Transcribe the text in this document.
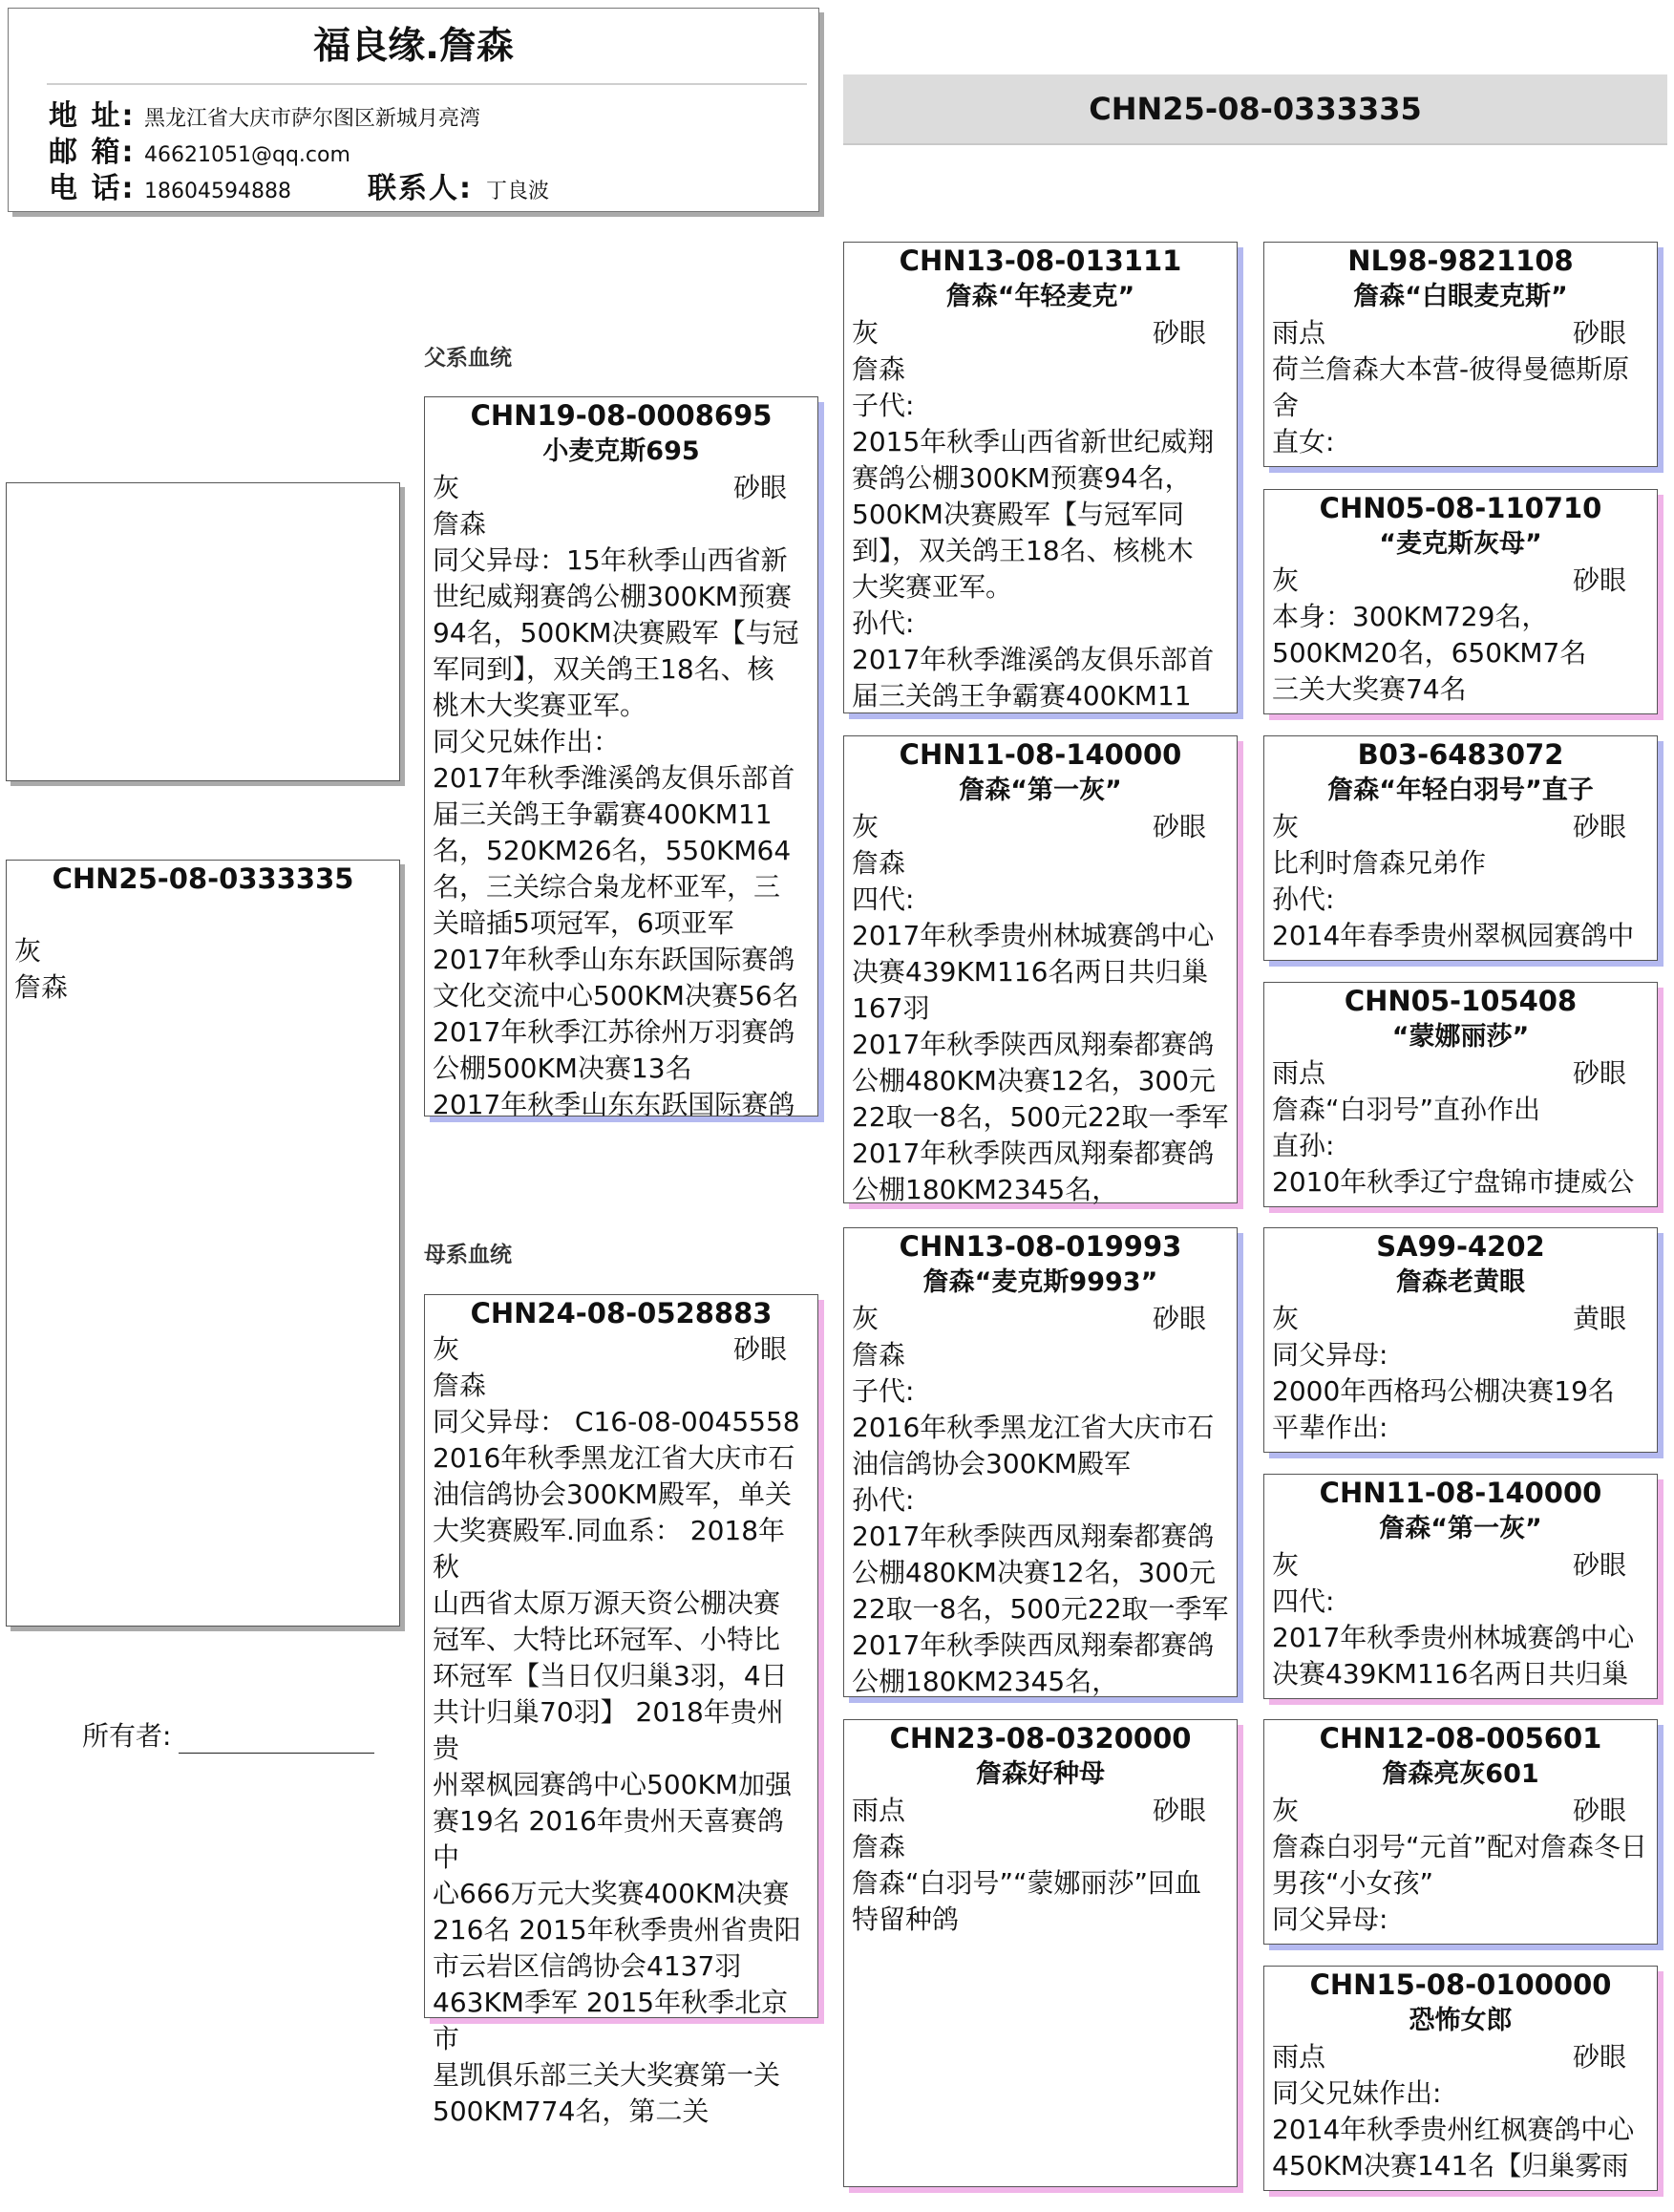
福良缘.詹森
地 址: 黑龙江省大庆市萨尔图区新城月亮湾
邮 箱: 46621051@qq.com
电 话: 18604594888	联系人: 丁良波
CHN25-08-0333335
CHN25-08-0333335
灰
詹森
所有者:
父系血统
母系血统
CHN19-08-0008695
小麦克斯695
灰	砂眼
詹森
同父异母：15年秋季山西省新
世纪威翔赛鸽公棚300KM预赛
94名，500KM决赛殿军【与冠
军同到】，双关鸽王18名、核
桃木大奖赛亚军。
同父兄妹作出：
2017年秋季潍溪鸽友俱乐部首
届三关鸽王争霸赛400KM11
名，520KM26名，550KM64
名，三关综合枭龙杯亚军，三
关暗插5项冠军，6项亚军
2017年秋季山东东跃国际赛鸽
文化交流中心500KM决赛56名
2017年秋季江苏徐州万羽赛鸽
公棚500KM决赛13名
2017年秋季山东东跃国际赛鸽
CHN24-08-0528883
灰	砂眼
詹森
同父异母： C16-08-0045558
2016年秋季黑龙江省大庆市石
油信鸽协会300KM殿军，单关
大奖赛殿军.同血系： 2018年秋
山西省太原万源天资公棚决赛
冠军、大特比环冠军、小特比
环冠军【当日仅归巢3羽，4日
共计归巢70羽】 2018年贵州贵
州翠枫园赛鸽中心500KM加强
赛19名 2016年贵州天喜赛鸽中
心666万元大奖赛400KM决赛
216名 2015年秋季贵州省贵阳
市云岩区信鸽协会4137羽
463KM季军 2015年秋季北京市
星凯俱乐部三关大奖赛第一关
500KM774名，第二关
CHN13-08-013111
詹森“年轻麦克”
灰	砂眼
詹森
子代:
2015年秋季山西省新世纪威翔
赛鸽公棚300KM预赛94名，
500KM决赛殿军【与冠军同
到】，双关鸽王18名、核桃木
大奖赛亚军。
孙代:
2017年秋季潍溪鸽友俱乐部首
届三关鸽王争霸赛400KM11
CHN11-08-140000
詹森“第一灰”
灰	砂眼
詹森
四代:
2017年秋季贵州林城赛鸽中心
决赛439KM116名两日共归巢
167羽
2017年秋季陕西凤翔秦都赛鸽
公棚480KM决赛12名，300元
22取一8名，500元22取一季军
2017年秋季陕西凤翔秦都赛鸽
公棚180KM2345名，
CHN13-08-019993
詹森“麦克斯9993”
灰	砂眼
詹森
子代:
2016年秋季黑龙江省大庆市石
油信鸽协会300KM殿军
孙代:
2017年秋季陕西凤翔秦都赛鸽
公棚480KM决赛12名，300元
22取一8名，500元22取一季军
2017年秋季陕西凤翔秦都赛鸽
公棚180KM2345名，
CHN23-08-0320000
詹森好种母
雨点	砂眼
詹森
詹森“白羽号”“蒙娜丽莎”回血
特留种鸽
NL98-9821108
詹森“白眼麦克斯”
雨点	砂眼
荷兰詹森大本营-彼得曼德斯原
舍
直女:
CHN05-08-110710
“麦克斯灰母”
灰	砂眼
本身：300KM729名，
500KM20名，650KM7名
三关大奖赛74名
B03-6483072
詹森“年轻白羽号”直子
灰	砂眼
比利时詹森兄弟作
孙代:
2014年春季贵州翠枫园赛鸽中
CHN05-105408
“蒙娜丽莎”
雨点	砂眼
詹森“白羽号”直孙作出
直孙:
2010年秋季辽宁盘锦市捷威公
SA99-4202
詹森老黄眼
灰	黄眼
同父异母:
2000年西格玛公棚决赛19名
平辈作出:
CHN11-08-140000
詹森“第一灰”
灰	砂眼
四代:
2017年秋季贵州林城赛鸽中心
决赛439KM116名两日共归巢
CHN12-08-005601
詹森亮灰601
灰	砂眼
詹森白羽号“元首”配对詹森冬日
男孩“小女孩”
同父异母:
CHN15-08-0100000
恐怖女郎
雨点	砂眼
同父兄妹作出:
2014年秋季贵州红枫赛鸽中心
450KM决赛141名【归巢雾雨
